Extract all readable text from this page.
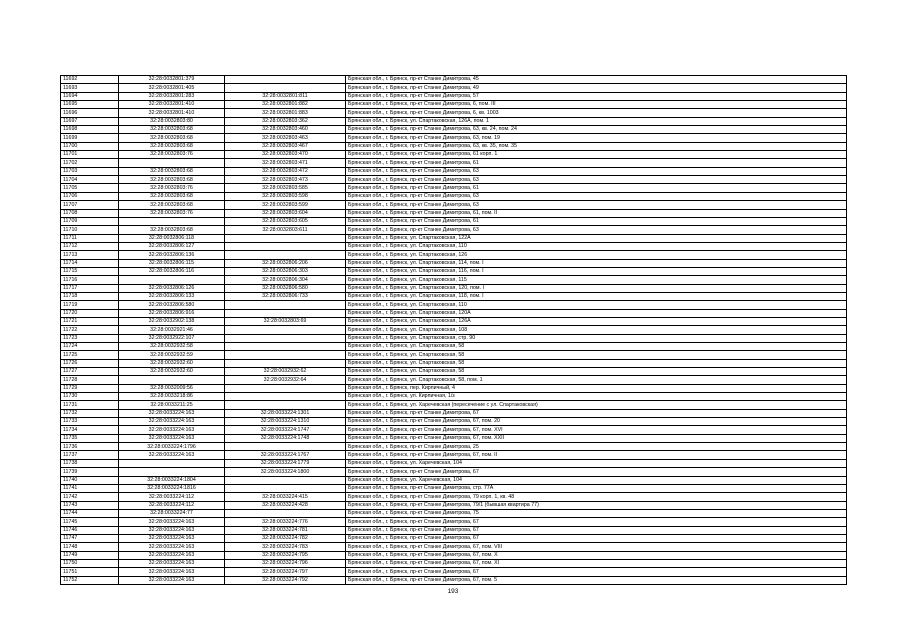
11692	32:28:0032801:379		Брянская обл., г. Брянск, пр-кт Станке Димитрова, 45
11693	32:28:0032801:405		Брянская обл., г. Брянск, пр-кт Станке Димитрова, 49
11694	32:28:0032801:283	32:28:0032801:811	Брянская обл., г. Брянск, пр-кт Станке Димитрова, 57
11695	32:28:0032801:410	32:28:0032801:882	Брянская обл., г. Брянск, пр-кт Станке Димитрова, 6, пом. III
11696	32:28:0032801:410	32:28:0032801:883	Брянская обл., г. Брянск, пр-кт Станке Димитрова, 6, кв. 1003
11697	32:28:0032803:80	32:28:0032803:362	Брянская обл., г. Брянск, ул. Спартаковская, 126А, пом. 1
11698	32:28:0032803:68	32:28:0032803:460	Брянская обл., г. Брянск, пр-кт Станке Димитрова, 63, кв. 24, пом. 24
11699	32:28:0032803:68	32:28:0032803:463	Брянская обл., г. Брянск, пр-кт Станке Димитрова, 63, пом. 19
11700	32:28:0032803:68	32:28:0032803:467	Брянская обл., г. Брянск, пр-кт Станке Димитрова, 63, кв. 35, пом. 35
11701	32:28:0032803:76	32:28:0032803:470	Брянская обл., г. Брянск, пр-кт Станке Димитрова, 61 корп. 1
11702		32:28:0032803:471	Брянская обл., г. Брянск, пр-кт Станке Димитрова, 61
11703	32:28:0032803:68	32:28:0032803:472	Брянская обл., г. Брянск, пр-кт Станке Димитрова, 63
11704	32:28:0032803:68	32:28:0032803:473	Брянская обл., г. Брянск, пр-кт Станке Димитрова, 63
11705	32:28:0032803:76	32:28:0032803:585	Брянская обл., г. Брянск, пр-кт Станке Димитрова, 61
11706	32:28:0032803:68	32:28:0032803:598	Брянская обл., г. Брянск, пр-кт Станке Димитрова, 63
11707	32:28:0032803:68	32:28:0032803:599	Брянская обл., г. Брянск, пр-кт Станке Димитрова, 63
11708	32:28:0032803:76	32:28:0032803:604	Брянская обл., г. Брянск, пр-кт Станке Димитрова, 61, пом. II
11709		32:28:0032803:605	Брянская обл., г. Брянск, пр-кт Станке Димитрова, 61
11710	32:28:0032803:68	32:28:0032803:611	Брянская обл., г. Брянск, пр-кт Станке Димитрова, 63
11711	32:28:0032806:118		Брянская обл., г. Брянск, ул. Спартаковская, 122А
11712	32:28:0032806:127		Брянская обл., г. Брянск, ул. Спартаковская, 110
11713	32:28:0032806:136		Брянская обл., г. Брянск, ул. Спартаковская, 126
11714	32:28:0032806:115	32:28:0032806:206	Брянская обл., г. Брянск, ул. Спартаковская, 114, пом. I
11715	32:28:0032806:116	32:28:0032806:303	Брянская обл., г. Брянск, ул. Спартаковская, 116, пом. I
11716		32:28:0032806:304	Брянская обл., г. Брянск, ул. Спартаковская, 115
11717	32:28:0032806:126	32:28:0032806:580	Брянская обл., г. Брянск, ул. Спартаковская, 120, пом. I
11718	32:28:0032806:133	32:28:0032806:733	Брянская обл., г. Брянск, ул. Спартаковская, 118, пом. I
11719	32:28:0032806:580		Брянская обл., г. Брянск, ул. Спартаковская, 110
11720	32:28:0032806:916		Брянская обл., г. Брянск, ул. Спартаковская, 120А
11721	32:28:0032902:138	32:28:0032803:69	Брянская обл., г. Брянск, ул. Спартаковская, 126А
11722	32:28:0032921:46		Брянская обл., г. Брянск, ул. Спартаковская, 108
11723	32:28:0032922:107		Брянская обл., г. Брянск, ул. Спартаковская, стр. 90
11724	32:28:0032932:58		Брянская обл., г. Брянск, ул. Спартаковская, 58
11725	32:28:0032932:59		Брянская обл., г. Брянск, ул. Спартаковская, 58
11726	32:28:0032932:60		Брянская обл., г. Брянск, ул. Спартаковская, 58
11727	32:28:0032932:60	32:28:0032932:62	Брянская обл., г. Брянск, ул. Спартаковская, 58
11728		32:28:0032932:64	Брянская обл., г. Брянск, ул. Спартаковская, 58, пом. 1
11729	32:28:0032009:56		Брянская обл., г. Брянск, пер. Кирпичный, 4
11730	32:28:0033218:86		Брянская обл., г. Брянск, ул. Кирпичная, 1/з
11731	32:28:0033211:25		Брянская обл., г. Брянск, ул. Харечевская (пересечение с ул. Спартаковская)
11732	32:28:0033224:163	32:28:0033224:1301	Брянская обл., г. Брянск, пр-кт Станке Димитрова, 67
11733	32:28:0033224:163	32:28:0033224:1310	Брянская обл., г. Брянск, пр-кт Станке Димитрова, 67, пом. 20
11734	32:28:0033224:163	32:28:0033224:1747	Брянская обл., г. Брянск, пр-кт Станке Димитрова, 67, пом. XVI
11735	32:28:0033224:163	32:28:0033224:1748	Брянская обл., г. Брянск, пр-кт Станке Димитрова, 67, пом. XXII
11736	32:28:0033224:1796		Брянская обл., г. Брянск, пр-кт Станке Димитрова, 25
11737	32:28:0033224:163	32:28:0033224:1767	Брянская обл., г. Брянск, пр-кт Станке Димитрова, 67, пом. II
11738		32:28:0033224:1779	Брянская обл., г. Брянск, ул. Харечевская, 104
11739		32:28:0033224:1800	Брянская обл., г. Брянск, пр-кт Станке Димитрова, 67
11740	32:28:0033224:1804		Брянская обл., г. Брянск, ул. Харечевская, 104
11741	32:28:0033224:1816		Брянская обл., г. Брянск, пр-кт Станке Димитрова, стр. 77А
11742	32:28:0033224:112	32:28:0033224:415	Брянская обл., г. Брянск, пр-кт Станке Димитрова, 79 корп. 1, кв. 48
11743	32:28:0033224:112	32:28:0033224:428	Брянская обл., г. Брянск, пр-кт Станке Димитрова, 79/1 (бывшая квартира 77)
11744	32:28:0033224:77		Брянская обл., г. Брянск, пр-кт Станке Димитрова, 75
11745	32:28:0033224:163	32:28:0033224:776	Брянская обл., г. Брянск, пр-кт Станке Димитрова, 67
11746	32:28:0033224:163	32:28:0033224:781	Брянская обл., г. Брянск, пр-кт Станке Димитрова, 67
11747	32:28:0033224:163	32:28:0033224:782	Брянская обл., г. Брянск, пр-кт Станке Димитрова, 67
11748	32:28:0033224:163	32:28:0033224:783	Брянская обл., г. Брянск, пр-кт Станке Димитрова, 67, пом. VIII
11749	32:28:0033224:163	32:28:0033224:795	Брянская обл., г. Брянск, пр-кт Станке Димитрова, 67, пом. X
11750	32:28:0033224:163	32:28:0033224:796	Брянская обл., г. Брянск, пр-кт Станке Димитрова, 67, пом. XI
11751	32:28:0033224:163	32:28:0033224:797	Брянская обл., г. Брянск, пр-кт Станке Димитрова, 67
11752	32:28:0033224:163	32:28:0033224:792	Брянская обл., г. Брянск, пр-кт Станке Димитрова, 67, пом. 5
193
